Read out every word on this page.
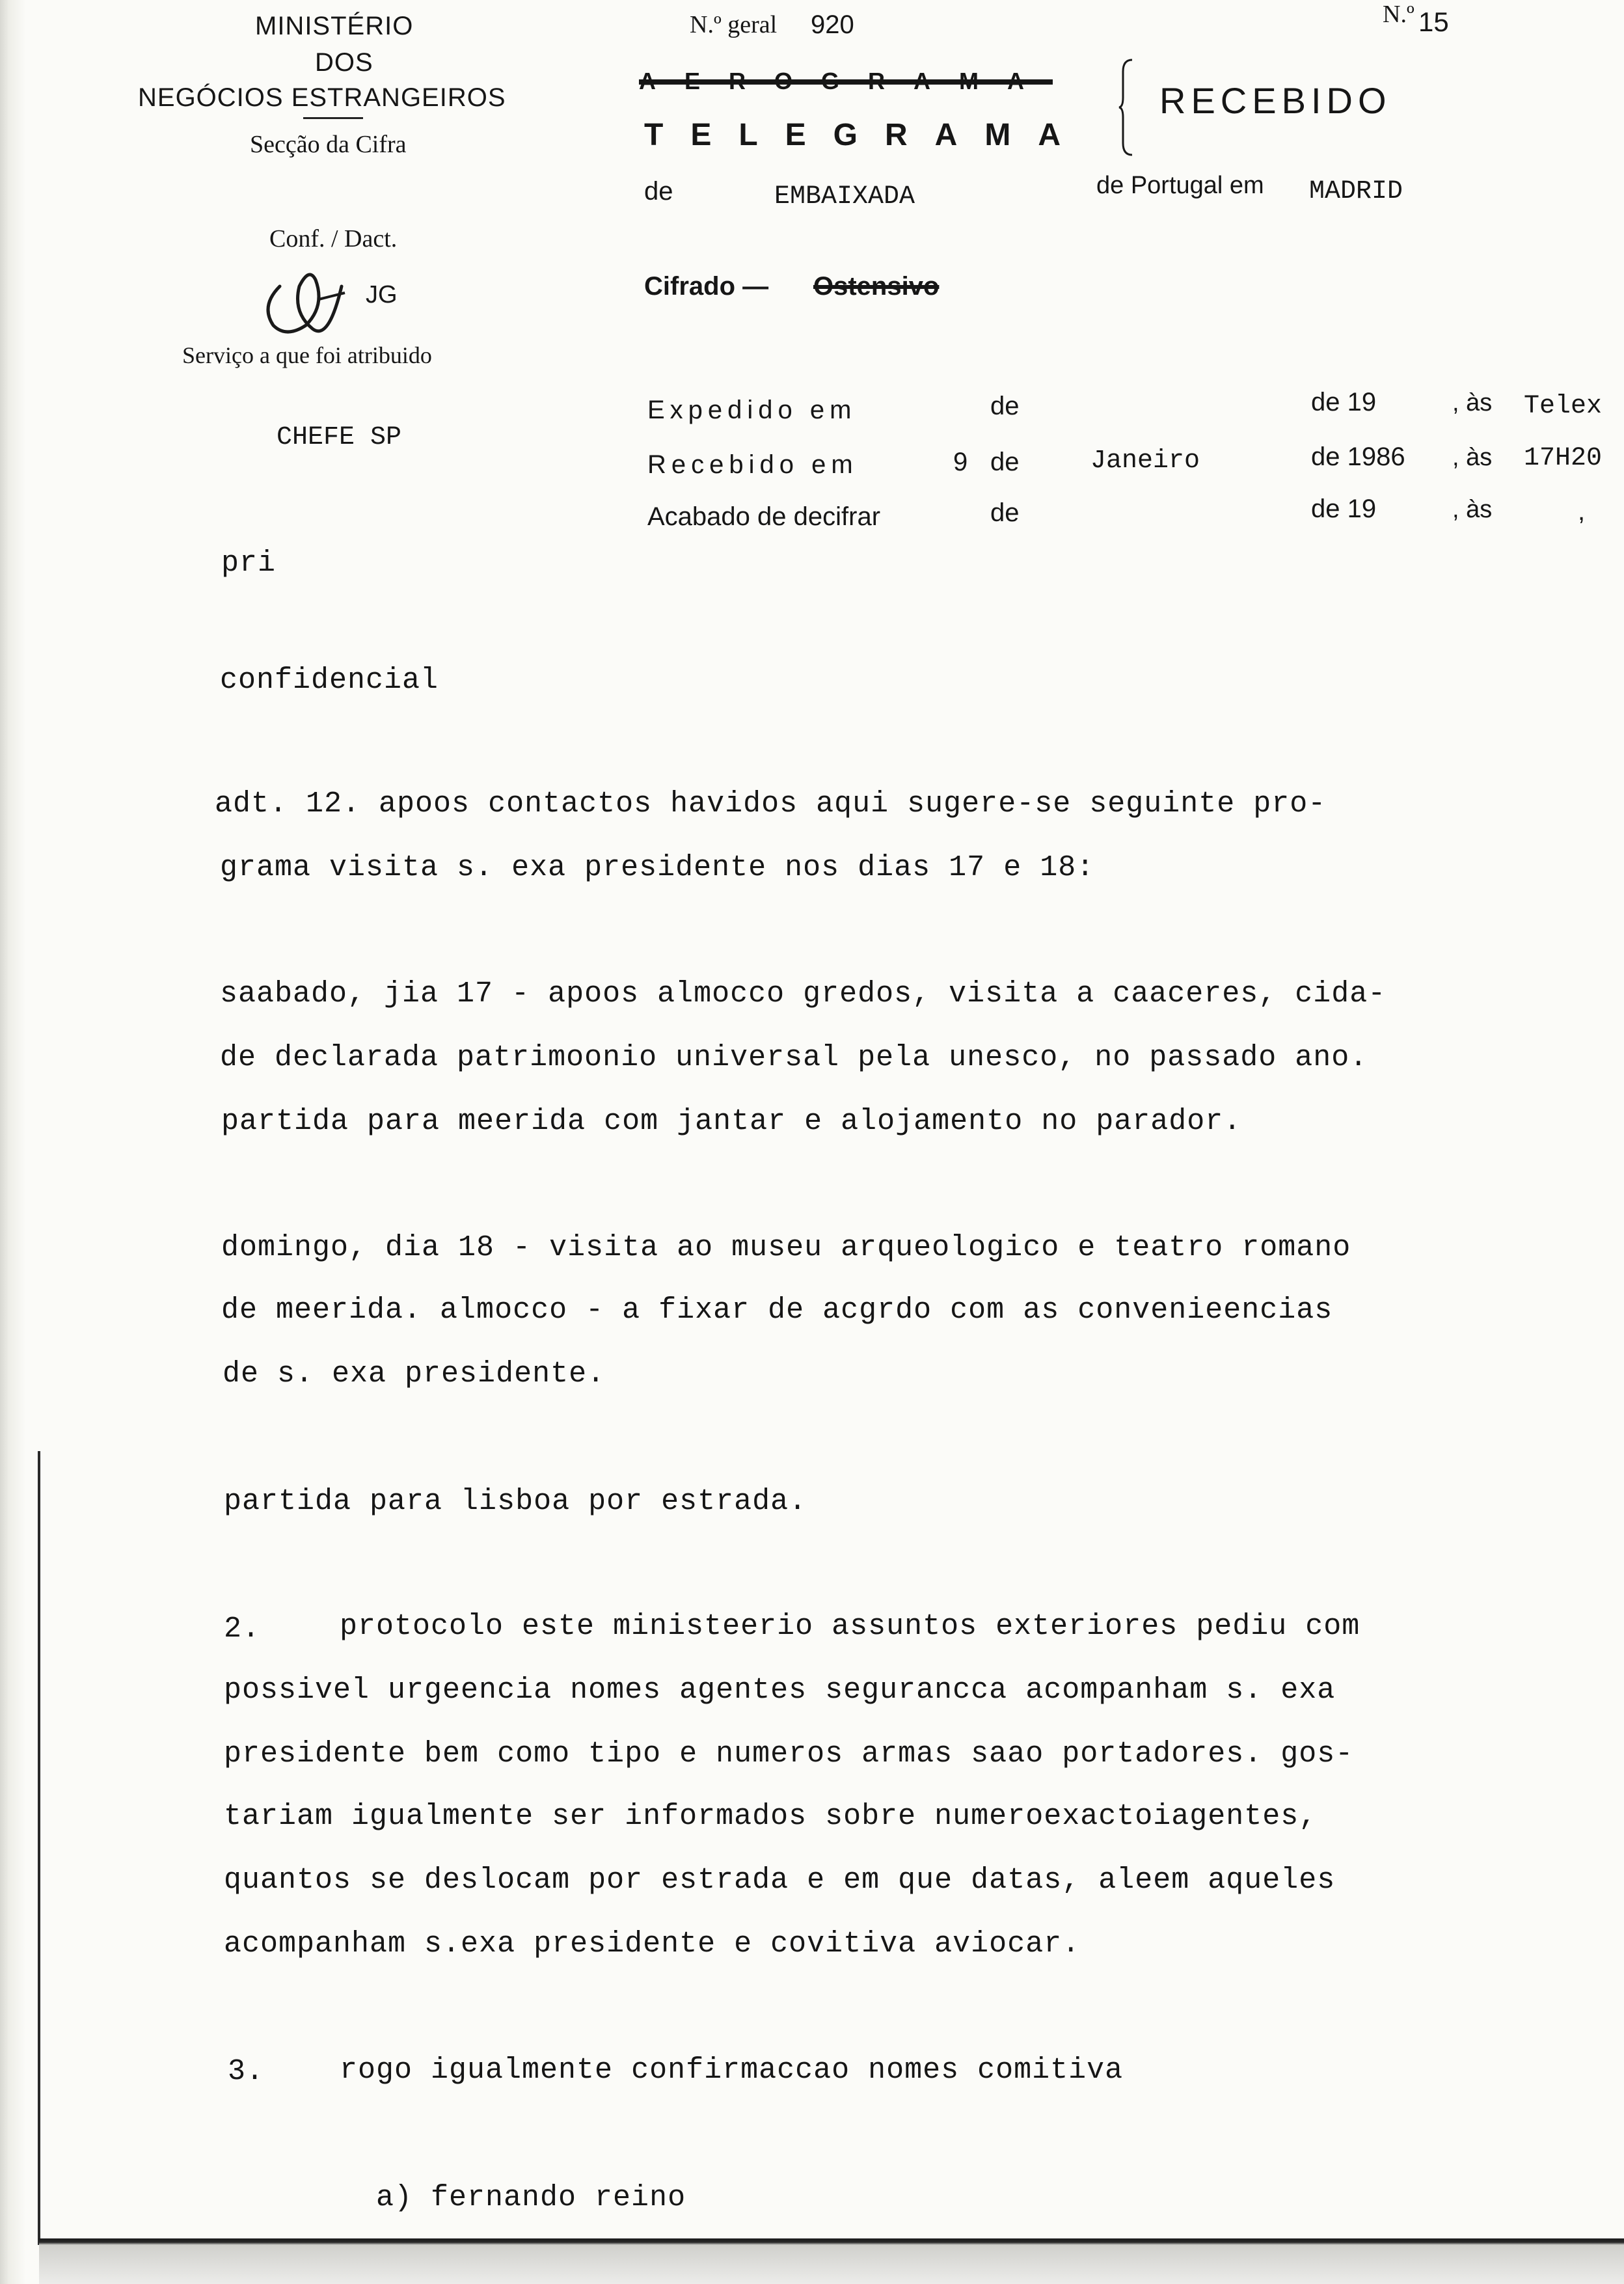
MINISTÉRIO
DOS
NEGÓCIOS ESTRANGEIROS
Secção da Cifra
Conf. / Dact.
JG
Serviço a que foi atribuido
CHEFE SP
N.º geral 920	N.º 15
AEROGRAMA
TELEGRAMA
RECEBIDO
de	EMBAIXADA	de Portugal em MADRID
Cifrado — Ostensivo
Expedido em	de	de 19	, às Telex
Recebido em	9 de	Janeiro	de 1986 , às 17H20
Acabado de decifrar	de	de 19	, às	,
pri
confidencial
adt. 12. apoos contactos havidos aqui sugere-se seguinte pro-
grama visita s. exa presidente nos dias 17 e 18:
saabado, jia 17 - apoos almocco gredos, visita a caaceres, cida-
de declarada patrimoonio universal pela unesco, no passado ano.
partida para meerida com jantar e alojamento no parador.
domingo, dia 18 - visita ao museu arqueologico e teatro romano
de meerida. almocco - a fixar de acgrdo com as convenieencias
de s. exa presidente.
partida para lisboa por estrada.
2.	protocolo este ministeerio assuntos exteriores pediu com
possivel urgeencia nomes agentes segurancca acompanham s. exa
presidente bem como tipo e numeros armas saao portadores. gos-
tariam igualmente ser informados sobre numeroexactoiagentes,
quantos se deslocam por estrada e em que datas, aleem aqueles
acompanham s.exa presidente e covitiva aviocar.
3.	rogo igualmente confirmaccao nomes comitiva
a) fernando reino
